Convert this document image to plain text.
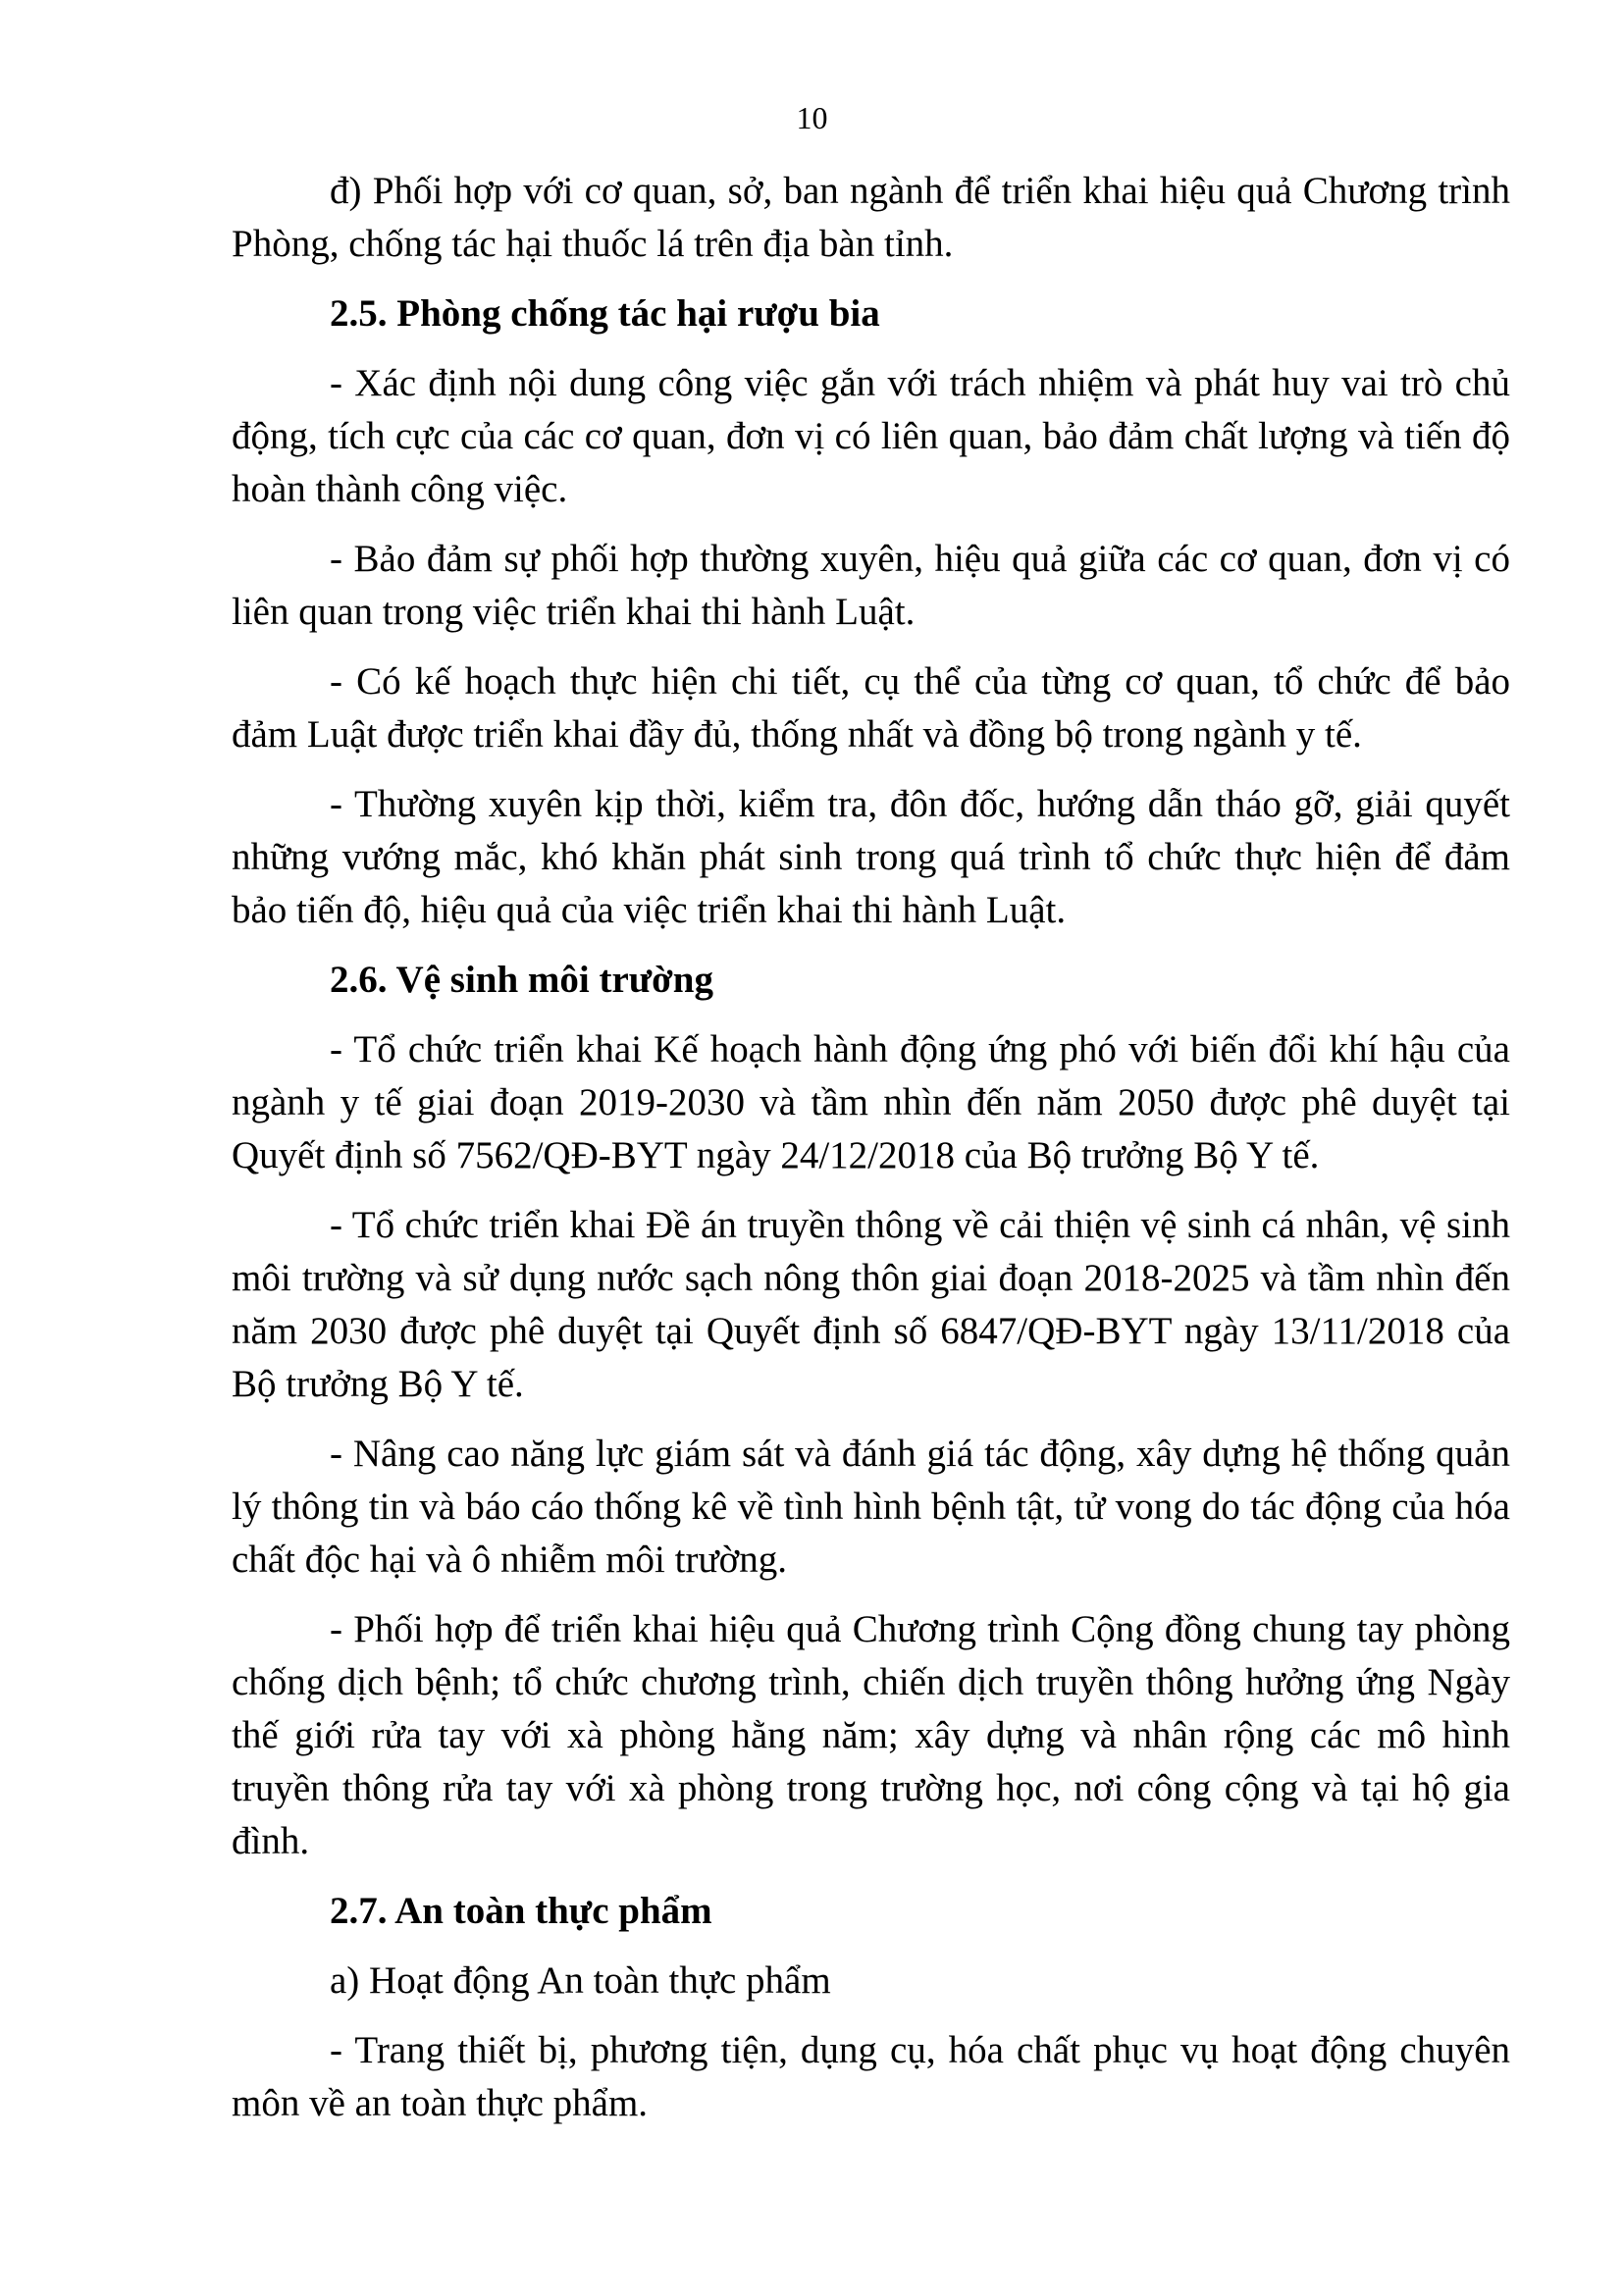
10

đ) Phối hợp với cơ quan, sở, ban ngành để triển khai hiệu quả Chương trình Phòng, chống tác hại thuốc lá trên địa bàn tỉnh.

2.5. Phòng chống tác hại rượu bia

- Xác định nội dung công việc gắn với trách nhiệm và phát huy vai trò chủ động, tích cực của các cơ quan, đơn vị có liên quan, bảo đảm chất lượng và tiến độ hoàn thành công việc.

- Bảo đảm sự phối hợp thường xuyên, hiệu quả giữa các cơ quan, đơn vị có liên quan trong việc triển khai thi hành Luật.

- Có kế hoạch thực hiện chi tiết, cụ thể của từng cơ quan, tổ chức để bảo đảm Luật được triển khai đầy đủ, thống nhất và đồng bộ trong ngành y tế.

- Thường xuyên kịp thời, kiểm tra, đôn đốc, hướng dẫn tháo gỡ, giải quyết những vướng mắc, khó khăn phát sinh trong quá trình tổ chức thực hiện để đảm bảo tiến độ, hiệu quả của việc triển khai thi hành Luật.

2.6. Vệ sinh môi trường

- Tổ chức triển khai Kế hoạch hành động ứng phó với biến đổi khí hậu của ngành y tế giai đoạn 2019-2030 và tầm nhìn đến năm 2050 được phê duyệt tại Quyết định số 7562/QĐ-BYT ngày 24/12/2018 của Bộ trưởng Bộ Y tế.

- Tổ chức triển khai Đề án truyền thông về cải thiện vệ sinh cá nhân, vệ sinh môi trường và sử dụng nước sạch nông thôn giai đoạn 2018-2025 và tầm nhìn đến năm 2030 được phê duyệt tại Quyết định số 6847/QĐ-BYT ngày 13/11/2018 của Bộ trưởng Bộ Y tế.

- Nâng cao năng lực giám sát và đánh giá tác động, xây dựng hệ thống quản lý thông tin và báo cáo thống kê về tình hình bệnh tật, tử vong do tác động của hóa chất độc hại và ô nhiễm môi trường.

- Phối hợp để triển khai hiệu quả Chương trình Cộng đồng chung tay phòng chống dịch bệnh; tổ chức chương trình, chiến dịch truyền thông hưởng ứng Ngày thế giới rửa tay với xà phòng hằng năm; xây dựng và nhân rộng các mô hình truyền thông rửa tay với xà phòng trong trường học, nơi công cộng và tại hộ gia đình.

2.7. An toàn thực phẩm

a) Hoạt động An toàn thực phẩm

- Trang thiết bị, phương tiện, dụng cụ, hóa chất phục vụ hoạt động chuyên môn về an toàn thực phẩm.
